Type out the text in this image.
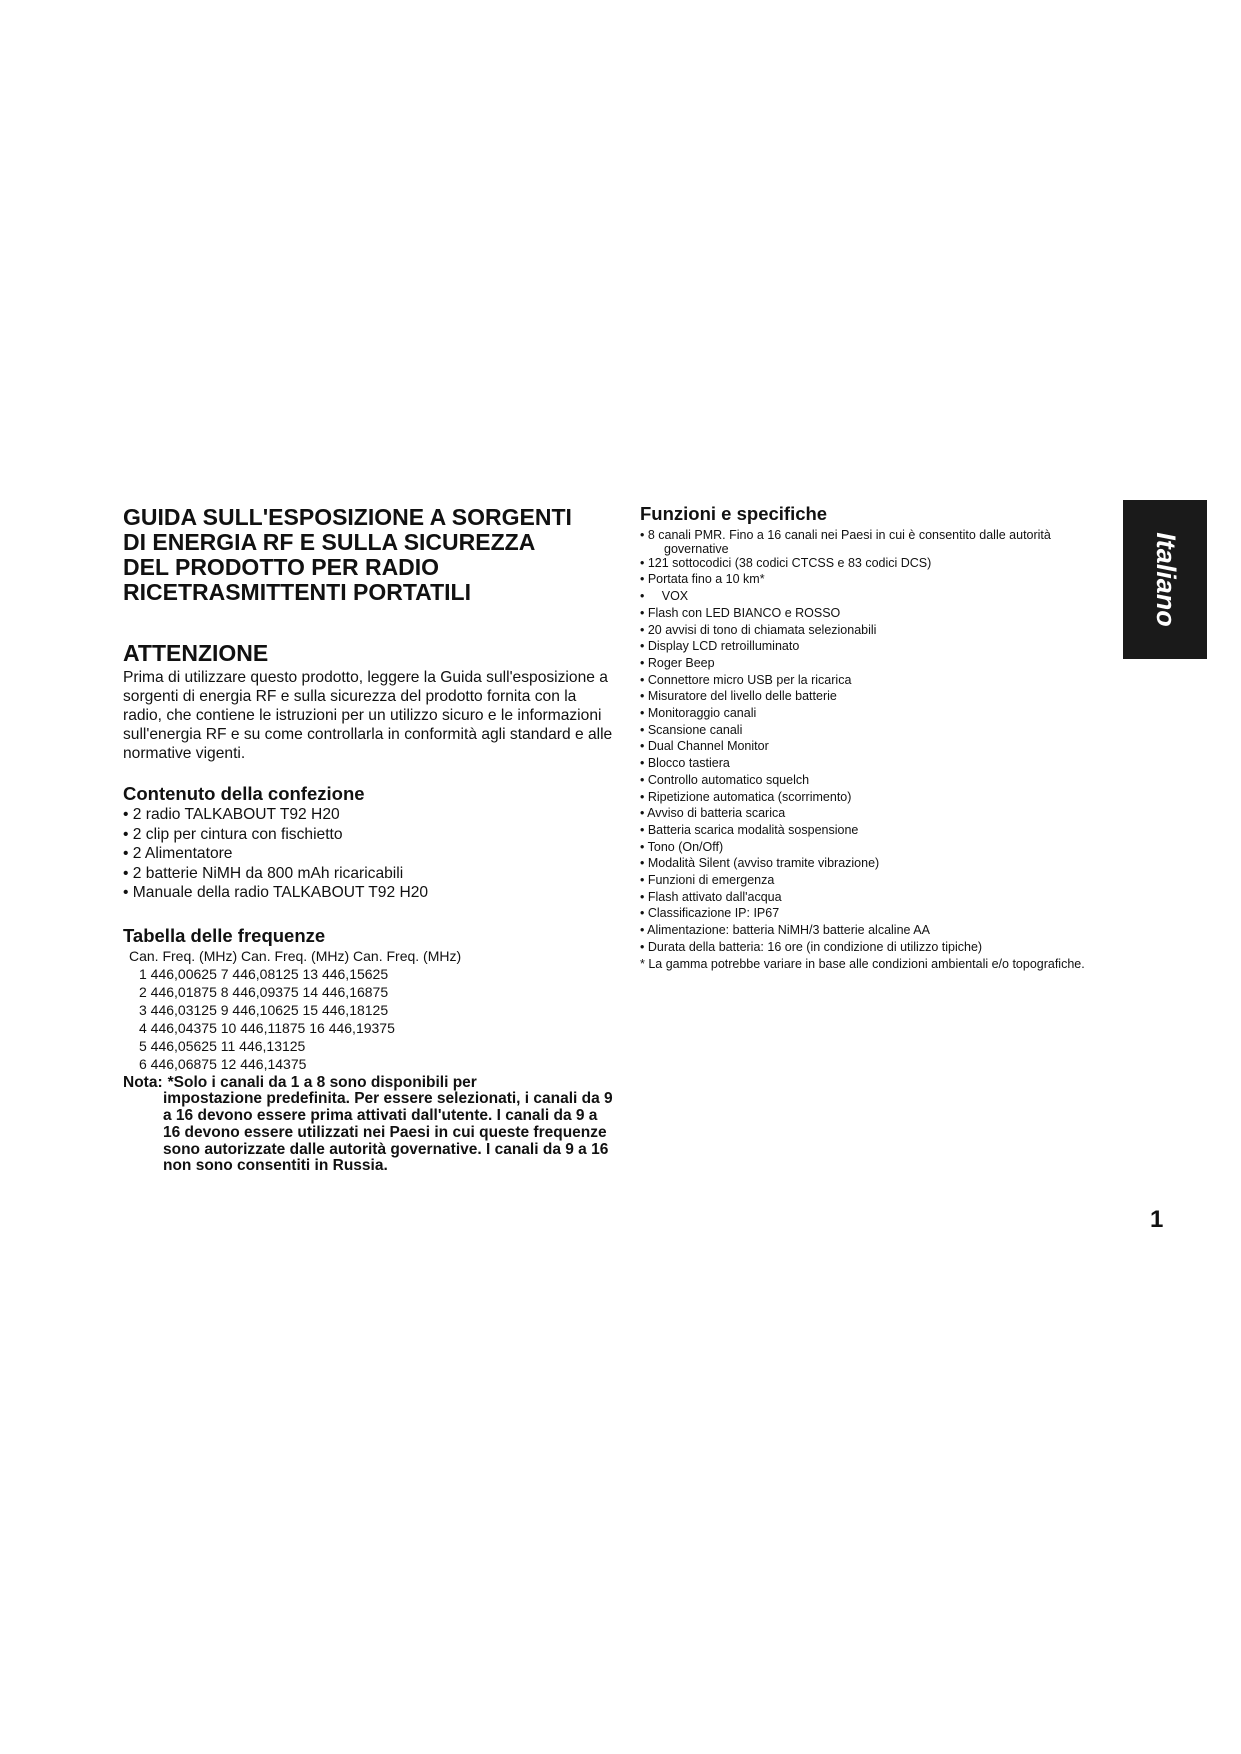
GUIDA SULL'ESPOSIZIONE A SORGENTI
DI ENERGIA RF E SULLA SICUREZZA
DEL PRODOTTO PER RADIO
RICETRASMITTENTI PORTATILI
ATTENZIONE

Prima di utilizzare questo prodotto, leggere la Guida sull'esposizione a sorgenti di energia RF e sulla sicurezza del prodotto fornita con la radio, che contiene le istruzioni per un utilizzo sicuro e le informazioni sull'energia RF e su come controllarla in conformità agli standard e alle normative vigenti.

Contenuto della confezione
• 2 radio TALKABOUT T92 H20
• 2 clip per cintura con fischietto
• 2 Alimentatore
• 2 batterie NiMH da 800 mAh ricaricabili
• Manuale della radio TALKABOUT T92 H20
Tabella delle frequenze
Can. Freq. (MHz) Can. Freq. (MHz) Can. Freq. (MHz)
1 446,00625 7 446,08125 13 446,15625
2 446,01875 8 446,09375 14 446,16875
3 446,03125 9 446,10625 15 446,18125
4 446,04375 10 446,11875 16 446,19375
5 446,05625 11 446,13125
6 446,06875 12 446,14375
Nota: *Solo i canali da 1 a 8 sono disponibili per
impostazione predefinita. Per essere selezionati, i canali da 9 a 16 devono essere prima attivati dall'utente. I canali da 9 a 16 devono essere utilizzati nei Paesi in cui queste frequenze sono autorizzate dalle autorità governative. I canali da 9 a 16 non sono consentiti in Russia.
Funzioni e specifiche
• 8 canali PMR. Fino a 16 canali nei Paesi in cui è consentito dalle autorità
governative
• 121 sottocodici (38 codici CTCSS e 83 codici DCS)
• Portata fino a 10 km*
•     VOX
• Flash con LED BIANCO e ROSSO
• 20 avvisi di tono di chiamata selezionabili
• Display LCD retroilluminato
• Roger Beep
• Connettore micro USB per la ricarica
• Misuratore del livello delle batterie
• Monitoraggio canali
• Scansione canali
• Dual Channel Monitor
• Blocco tastiera
• Controllo automatico squelch
• Ripetizione automatica (scorrimento)
• Avviso di batteria scarica
• Batteria scarica modalità sospensione
• Tono (On/Off)
• Modalità Silent (avviso tramite vibrazione)
• Funzioni di emergenza
• Flash attivato dall'acqua
• Classificazione IP: IP67
• Alimentazione: batteria NiMH/3 batterie alcaline AA
• Durata della batteria: 16 ore (in condizione di utilizzo tipiche)

* La gamma potrebbe variare in base alle condizioni ambientali e/o topografiche.

Italiano
1
